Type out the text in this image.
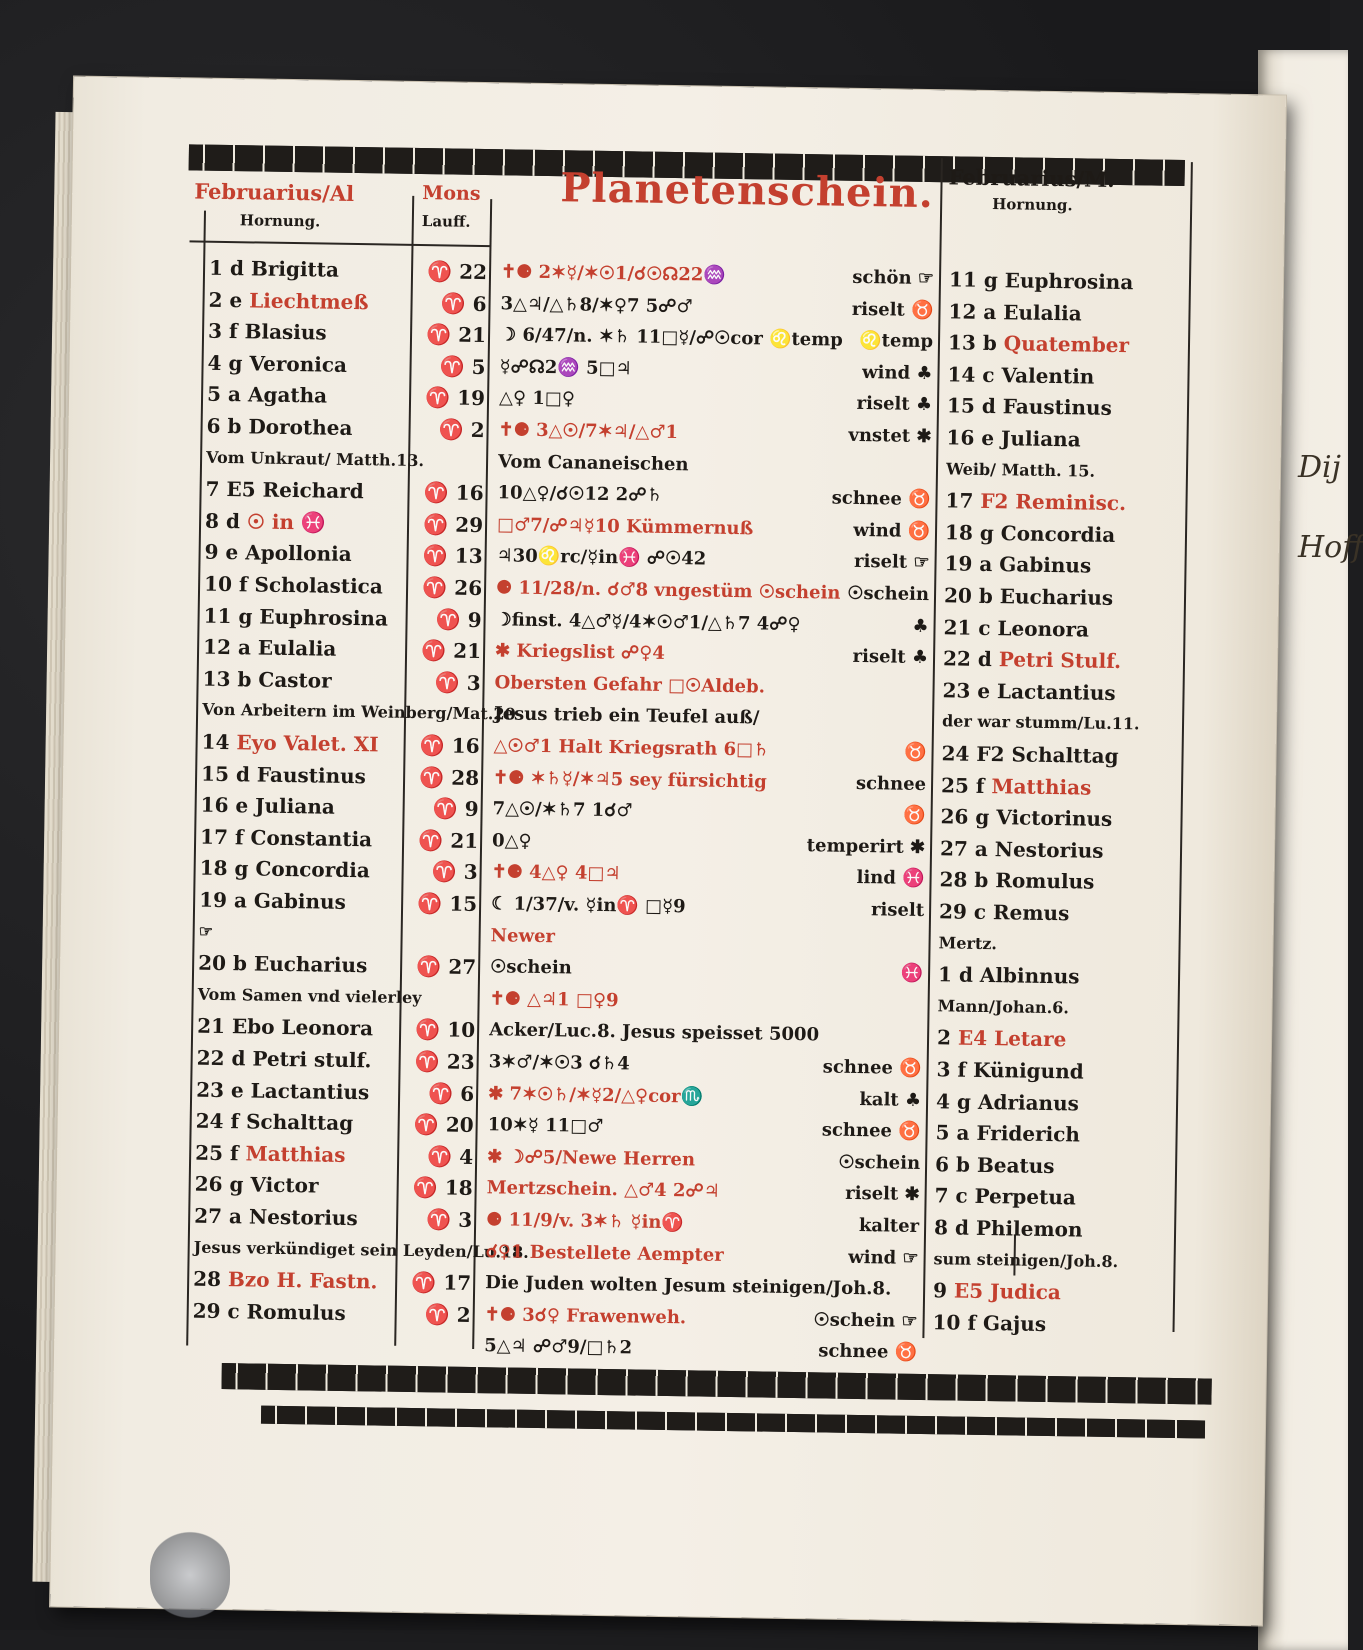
Dij
Hoff
Februarius/Al
Hornung.
Mons
Lauff.
Planetenschein. Februarius/M.
Hornung.
1 d Brigitta
2 e Liechtmeß
3 f Blasius
4 g Veronica
5 a Agatha
6 b Dorothea
Vom Unkraut/ Matth.13.
7 E5 Reichard
8 d ☉ in ♓
9 e Apollonia
10 f Scholastica
11 g Euphrosina
12 a Eulalia
13 b Castor
Von Arbeitern im Weinberg/Mat.20
14 Eyo Valet. XI
15 d Faustinus
16 e Juliana
17 f Constantia
18 g Concordia
19 a Gabinus
☞
20 b Eucharius
Vom Samen vnd vielerley
21 Ebo Leonora
22 d Petri stulf.
23 e Lactantius
24 f Schalttag
25 f Matthias
26 g Victor
27 a Nestorius
Jesus verkündiget sein Leyden/Lu.18.
28 Bzo H. Fastn.
29 c Romulus
♈ 22
♈ 6
♈ 21
♈ 5
♈ 19
♈ 2
♈ 16
♈ 29
♈ 13
♈ 26
♈ 9
♈ 21
♈ 3
♈ 16
♈ 28
♈ 9
♈ 21
♈ 3
♈ 15
♈ 27
♈ 10
♈ 23
♈ 6
♈ 20
♈ 4
♈ 18
♈ 3
♈ 17
♈ 2
✝⚈ 2✶☿/✶☉1/☌☉☊22♒
3△♃/△♄8/✶♀7 5☍♂
☽ 6/47/n. ✶♄ 11□☿/☍☉cor ♌temp
☿☍☊2♒ 5□♃
△♀ 1□♀
✝⚈ 3△☉/7✶♃/△♂1
Vom Cananeischen
10△♀/☌☉12 2☍♄
□♂7/☍♃☿10 Kümmernuß
♃30♌rc/☿in♓ ☍☉42
⚈ 11/28/n. ☌♂8 vngestüm ☉schein
☽finst. 4△♂☿/4✶☉♂1/△♄7 4☍♀
✱ Kriegslist ☍♀4
Obersten Gefahr □☉Aldeb.
Jesus trieb ein Teufel auß/
△☉♂1 Halt Kriegsrath 6□♄
✝⚈ ✶♄☿/✶♃5 sey fürsichtig
7△☉/✶♄7 1☌♂
0△♀
✝⚈ 4△♀ 4□♃
☾ 1/37/v. ☿in♈ □☿9
Newer
☉schein
✝⚈ △♃1 □♀9
Acker/Luc.8. Jesus speisset 5000
3✶♂/✶☉3 ☌♄4
✱ 7✶☉♄/✶☿2/△♀cor♏
10✶☿ 11□♂
✱ ☽☍5/Newe Herren
Mertzschein. △♂4 2☍♃
⚈ 11/9/v. 3✶♄ ☿in♈
☌♀1 Bestellete Aempter
Die Juden wolten Jesum steinigen/Joh.8.
✝⚈ 3☌♀ Frawenweh.
5△♃ ☍♂9/□♄2
schön ☞
riselt ♉
♌temp
wind ♣
riselt ♣
vnstet ✱
schnee ♉
wind ♉
riselt ☞
☉schein
♣
riselt ♣
♉
schnee
♉
temperirt ✱
lind ♓
riselt
♓
schnee ♉
kalt ♣
schnee ♉
☉schein
riselt ✱
kalter
wind ☞
☉schein ☞
schnee ♉
11 g Euphrosina
12 a Eulalia
13 b Quatember
14 c Valentin
15 d Faustinus
16 e Juliana
Weib/ Matth. 15.
17 F2 Reminisc.
18 g Concordia
19 a Gabinus
20 b Eucharius
21 c Leonora
22 d Petri Stulf.
23 e Lactantius
der war stumm/Lu.11.
24 F2 Schalttag
25 f Matthias
26 g Victorinus
27 a Nestorius
28 b Romulus
29 c Remus
Mertz.
1 d Albinnus
Mann/Johan.6.
2 E4 Letare
3 f Künigund
4 g Adrianus
5 a Friderich
6 b Beatus
7 c Perpetua
8 d Philemon
sum steinigen/Joh.8.
9 E5 Judica
10 f Gajus
